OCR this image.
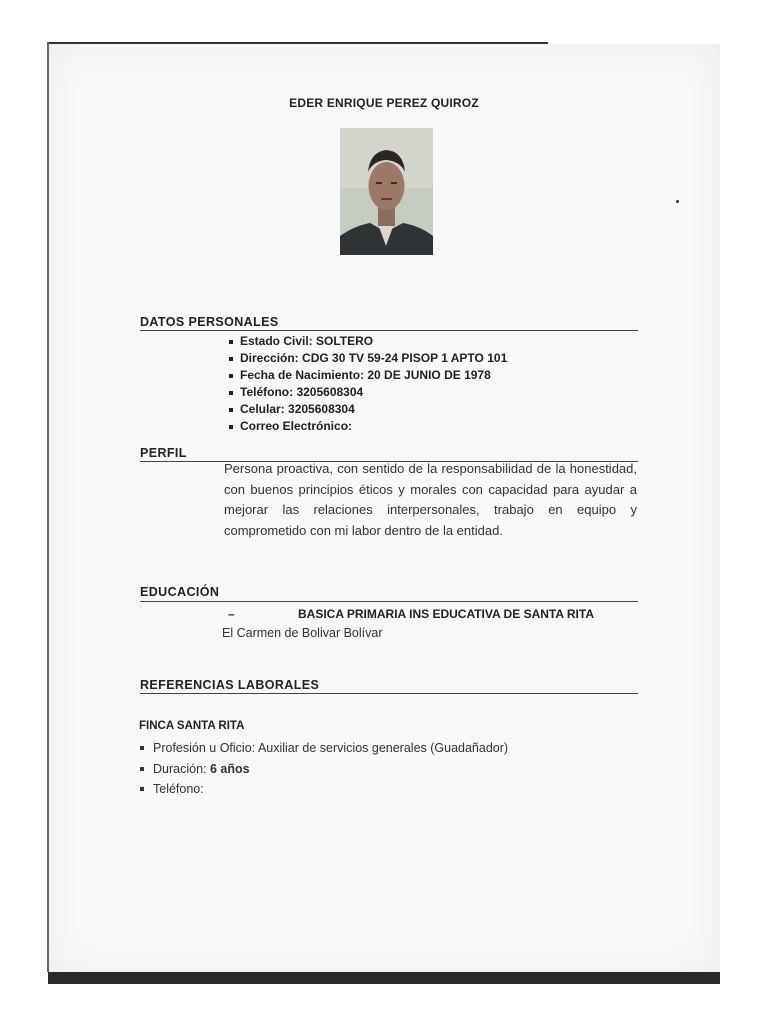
EDER ENRIQUE PEREZ QUIROZ
DATOS PERSONALES
Estado Civil: SOLTERO
Dirección: CDG 30 TV 59-24 PISOP 1 APTO 101
Fecha de Nacimiento: 20 DE JUNIO DE 1978
Teléfono: 3205608304
Celular: 3205608304
Correo Electrónico:
PERFIL
Persona proactiva, con sentido de la responsabilidad de la honestidad, con buenos principios éticos y morales con capacidad para ayudar a mejorar las relaciones interpersonales, trabajo en equipo y comprometido con mi labor dentro de la entidad.
EDUCACIÓN
–	BASICA PRIMARIA INS EDUCATIVA DE SANTA RITA
El Carmen de Bolivar Bolívar
REFERENCIAS LABORALES
FINCA SANTA RITA
Profesión u Oficio: Auxiliar de servicios generales (Guadañador)
Duración: 6 años
Teléfono:
